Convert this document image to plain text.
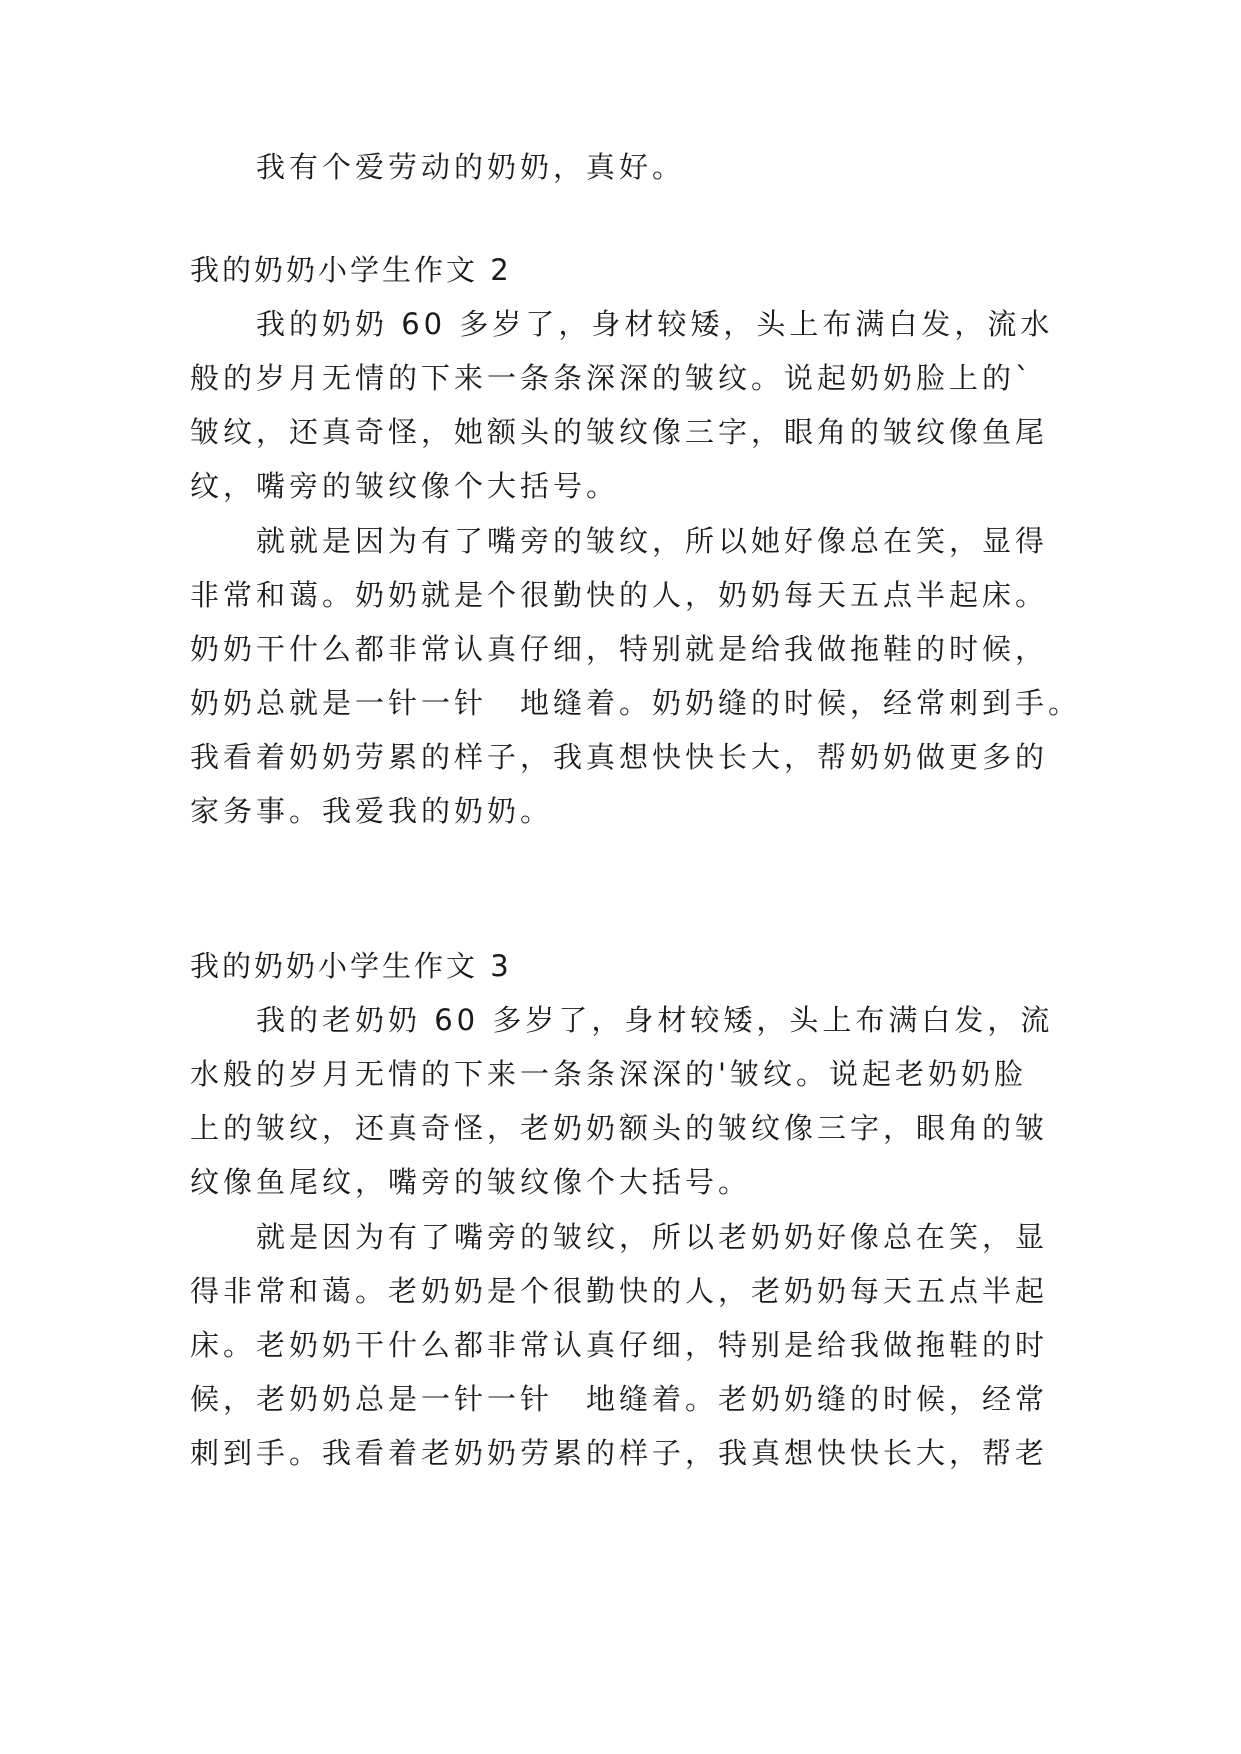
我有个爱劳动的奶奶，真好。
我的奶奶小学生作文 2
我的奶奶 60 多岁了，身材较矮，头上布满白发，流水
般的岁月无情的下来一条条深深的皱纹。说起奶奶脸上的`
皱纹，还真奇怪，她额头的皱纹像三字，眼角的皱纹像鱼尾
纹，嘴旁的皱纹像个大括号。
就就是因为有了嘴旁的皱纹，所以她好像总在笑，显得
非常和蔼。奶奶就是个很勤快的人，奶奶每天五点半起床。
奶奶干什么都非常认真仔细，特别就是给我做拖鞋的时候，
奶奶总就是一针一针　地缝着。奶奶缝的时候，经常刺到手。
我看着奶奶劳累的样子，我真想快快长大，帮奶奶做更多的
家务事。我爱我的奶奶。
我的奶奶小学生作文 3
我的老奶奶 60 多岁了，身材较矮，头上布满白发，流
水般的岁月无情的下来一条条深深的'皱纹。说起老奶奶脸
上的皱纹，还真奇怪，老奶奶额头的皱纹像三字，眼角的皱
纹像鱼尾纹，嘴旁的皱纹像个大括号。
就是因为有了嘴旁的皱纹，所以老奶奶好像总在笑，显
得非常和蔼。老奶奶是个很勤快的人，老奶奶每天五点半起
床。老奶奶干什么都非常认真仔细，特别是给我做拖鞋的时
候，老奶奶总是一针一针　地缝着。老奶奶缝的时候，经常
刺到手。我看着老奶奶劳累的样子，我真想快快长大，帮老
